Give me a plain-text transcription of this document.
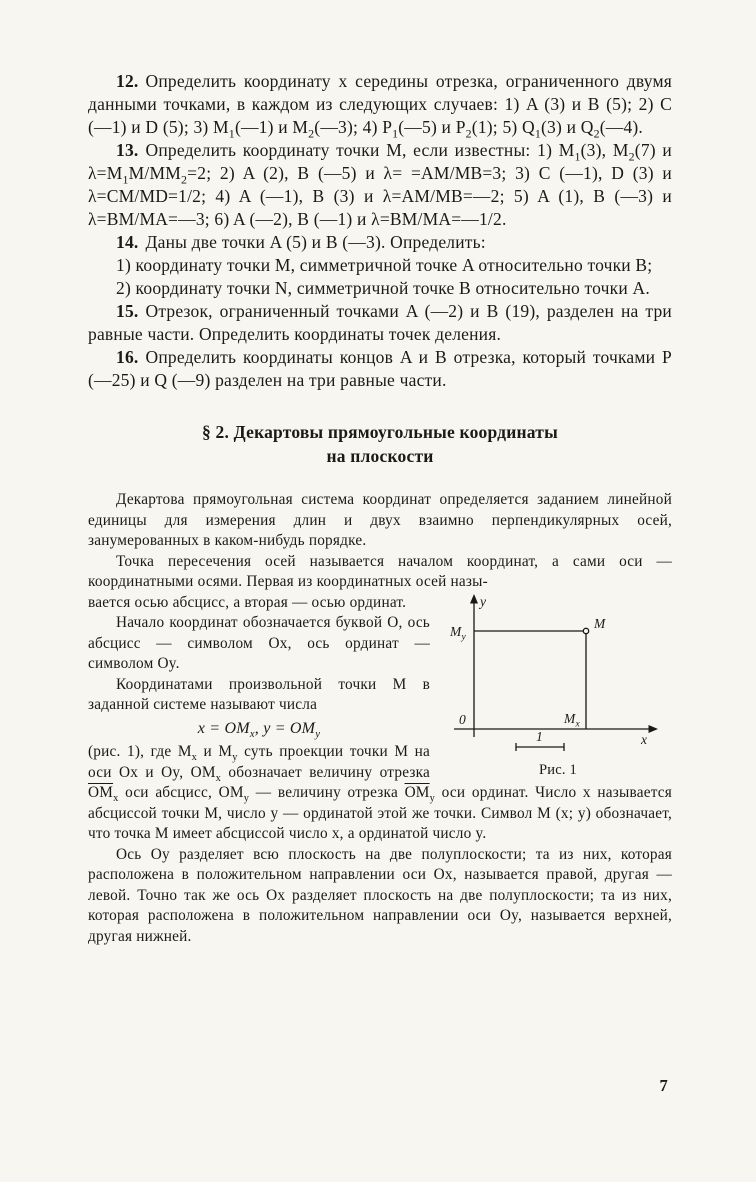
12. Определить координату x середины отрезка, ограниченного двумя данными точками, в каждом из следующих случаев: 1) A (3) и B (5); 2) C (—1) и D (5); 3) $M_1(—1)$ и $M_2(—3)$; 4) $P_1(—5)$ и $P_2(1)$; 5) $Q_1(3)$ и $Q_2(—4)$.

13. Определить координату точки M, если известны: 1) $M_1(3)$, $M_2(7)$ и $\lambda=M_1M/MM_2=2$; 2) A (2), B (—5) и λ= =AM/MB=3; 3) C (—1), D (3) и λ=CM/MD=1/2; 4) A (—1), B (3) и λ=AM/MB=—2; 5) A (1), B (—3) и λ=BM/MA=—3; 6) A (—2), B (—1) и λ=BM/MA=—1/2.

14. Даны две точки A (5) и B (—3). Определить:

1) координату точки M, симметричной точке A относительно точки B;

2) координату точки N, симметричной точке B относительно точки A.

15. Отрезок, ограниченный точками A (—2) и B (19), разделен на три равные части. Определить координаты точек деления.

16. Определить координаты концов A и B отрезка, который точками P (—25) и Q (—9) разделен на три равные части.

§ 2. Декартовы прямоугольные координаты
на плоскости

Декартова прямоугольная система координат определяется заданием линейной единицы для измерения длин и двух взаимно перпендикулярных осей, занумерованных в каком-нибудь порядке.

Точка пересечения осей называется началом координат, а сами оси — координатными осями. Первая из координатных осей назы-

y
x
0
M
$M_y$
$M_x$
1
Рис. 1

вается осью абсцисс, а вторая — осью ординат.

Начало координат обозначается буквой O, ось абсцисс — символом Ox, ось ординат — символом Oy.

Координатами произвольной точки M в заданной системе называют числа

$x = OM_x$, $y = OM_y$

(рис. 1), где $M_x$ и $M_y$ суть проекции точки M на оси Ox и Oy, $OM_x$ обозначает величину отрезка $\overline{OM}_x$ оси абсцисс, $OM_y$ — величину отрезка $\overline{OM}_y$ оси ординат. Число x называется абсциссой точки M, число y — ординатой этой же точки. Символ M (x; y) обозначает, что точка M имеет абсциссой число x, а ординатой число y.

Ось Oy разделяет всю плоскость на две полуплоскости; та из них, которая расположена в положительном направлении оси Ox, называется правой, другая — левой. Точно так же ось Ox разделяет плоскость на две полуплоскости; та из них, которая расположена в положительном направлении оси Oy, называется верхней, другая нижней.

7
